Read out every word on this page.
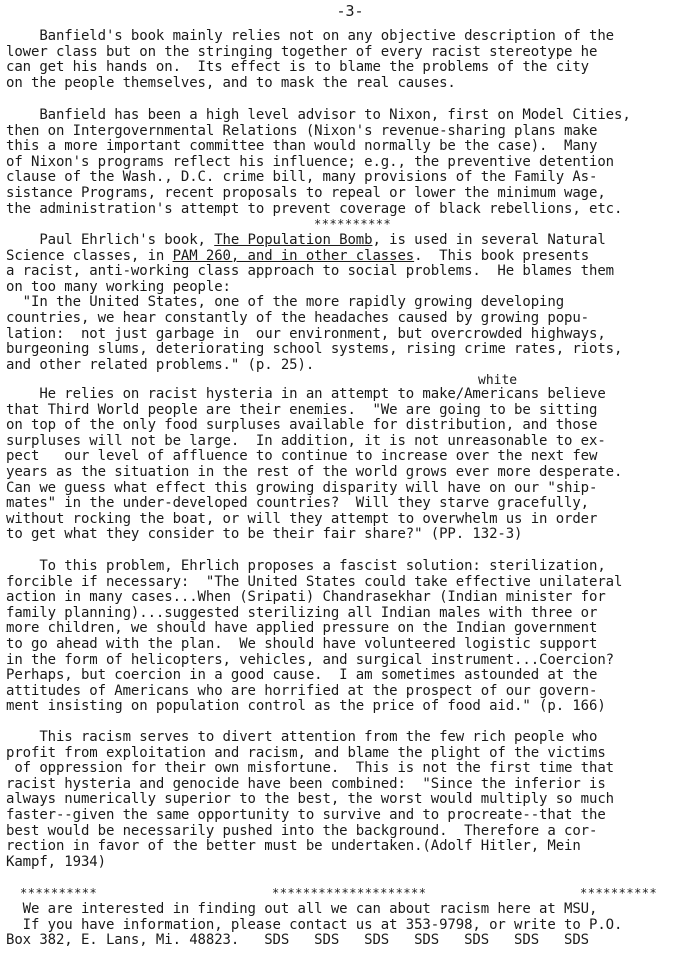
-3-
Banfield's book mainly relies not on any objective description of the
lower class but on the stringing together of every racist stereotype he
can get his hands on.  Its effect is to blame the problems of the city
on the people themselves, and to mask the real causes.
Banfield has been a high level advisor to Nixon, first on Model Cities,
then on Intergovernmental Relations (Nixon's revenue-sharing plans make
this a more important committee than would normally be the case).  Many
of Nixon's programs reflect his influence; e.g., the preventive detention
clause of the Wash., D.C. crime bill, many provisions of the Family As-
sistance Programs, recent proposals to repeal or lower the minimum wage,
the administration's attempt to prevent coverage of black rebellions, etc.
**********
Paul Ehrlich's book, The Population Bomb, is used in several Natural
Science classes, in PAM 260, and in other classes.  This book presents
a racist, anti-working class approach to social problems.  He blames them
on too many working people:
"In the United States, one of the more rapidly growing developing
countries, we hear constantly of the headaches caused by growing popu-
lation:  not just garbage in  our environment, but overcrowded highways,
burgeoning slums, deteriorating school systems, rising crime rates, riots,
and other related problems." (p. 25).
white
He relies on racist hysteria in an attempt to make/Americans believe
that Third World people are their enemies.  "We are going to be sitting
on top of the only food surpluses available for distribution, and those
surpluses will not be large.  In addition, it is not unreasonable to ex-
pect   our level of affluence to continue to increase over the next few
years as the situation in the rest of the world grows ever more desperate.
Can we guess what effect this growing disparity will have on our "ship-
mates" in the under-developed countries?  Will they starve gracefully,
without rocking the boat, or will they attempt to overwhelm us in order
to get what they consider to be their fair share?" (PP. 132-3)
To this problem, Ehrlich proposes a fascist solution: sterilization,
forcible if necessary:  "The United States could take effective unilateral
action in many cases...When (Sripati) Chandrasekhar (Indian minister for
family planning)...suggested sterilizing all Indian males with three or
more children, we should have applied pressure on the Indian government
to go ahead with the plan.  We should have volunteered logistic support
in the form of helicopters, vehicles, and surgical instrument...Coercion?
Perhaps, but coercion in a good cause.  I am sometimes astounded at the
attitudes of Americans who are horrified at the prospect of our govern-
ment insisting on population control as the price of food aid." (p. 166)
This racism serves to divert attention from the few rich people who
profit from exploitation and racism, and blame the plight of the victims
of oppression for their own misfortune.  This is not the first time that
racist hysteria and genocide have been combined:  "Since the inferior is
always numerically superior to the best, the worst would multiply so much
faster--given the same opportunity to survive and to procreate--that the
best would be necessarily pushed into the background.  Therefore a cor-
rection in favor of the better must be undertaken.(Adolf Hitler, Mein
Kampf, 1934)
**********	********************	**********
We are interested in finding out all we can about racism here at MSU,
If you have information, please contact us at 353-9798, or write to P.O.
Box 382, E. Lans, Mi. 48823.   SDS   SDS   SDS   SDS   SDS   SDS   SDS
